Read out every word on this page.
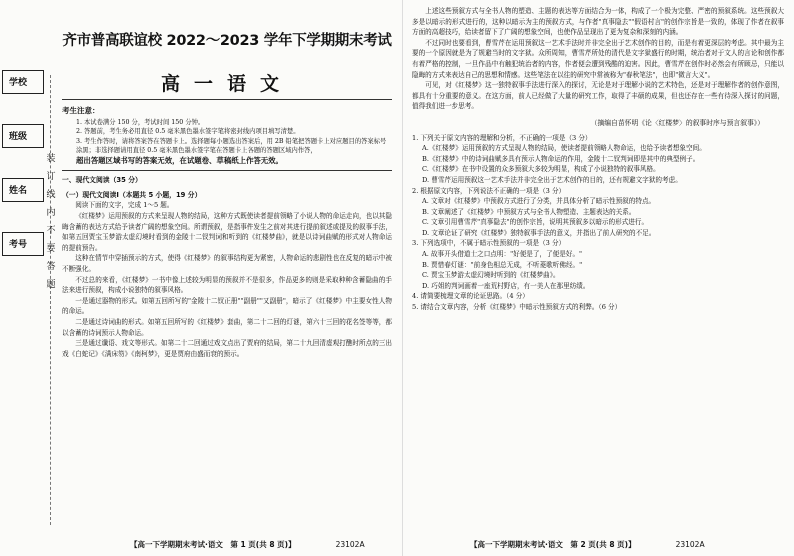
学校
班级
姓名
考号
装
订
线
内
不
要
答
题
齐市普高联谊校 2022～2023 学年下学期期末考试
高一语文
考生注意：
1. 本试卷满分 150 分，考试时间 150 分钟。
2. 答题前，考生务必用直径 0.5 毫米黑色墨水签字笔将密封线内项目填写清楚。
3. 考生作答时，请将答案答在答题卡上。选择题每小题选出答案后，用 2B 铅笔把答题卡上对应题目的答案标号涂黑；非选择题请用直径 0.5 毫米黑色墨水签字笔在答题卡上各题的答题区域内作答，
超出答题区域书写的答案无效，在试题卷、草稿纸上作答无效。
一、现代文阅读（35 分）
（一）现代文阅读Ⅰ（本题共 5 小题，19 分）

阅读下面的文字，完成 1～5 题。

《红楼梦》运用预叙的方式来呈现人物的结局，这种方式既使读者提前领略了小说人物的命运走向，也以其隐晦含蓄的表达方式给予读者广阔的想象空间。所谓预叙，是指事件发生之前对其进行提前叙述或提及的叙事手法，如第五回贾宝玉梦游太虚幻境时看到的金陵十二钗判词和听到的《红楼梦曲》，就是以诗词曲赋的形式对人物命运的提前预告。

这种在情节中穿插预示的方式，使得《红楼梦》的叙事结构更为紧密，人物命运的悲剧性也在反复的暗示中被不断强化。

不过总的来看，《红楼梦》一书中像上述较为明显的预叙并不是很多，作品更多的则是采取种种含蓄隐曲的手法来进行预叙，构成小说独特的叙事风格。

一是通过器物的形式。如第五回所写的"金陵十二钗正册""副册""又副册"，暗示了《红楼梦》中主要女性人物的命运。

二是通过诗词曲的形式。如第五回所写的《红楼梦》套曲，第二十二回的灯谜，第六十三回的花名签等等，都以含蓄的诗词预示人物命运。

三是通过谶语、戏文等形式。如第二十二回通过戏文点出了贾府的结局，第二十九回清虚观打醮时所点的三出戏《白蛇记》《满床笏》《南柯梦》，更是贾府由盛而衰的预示。

【高一下学期期末考试·语文　第 1 页(共 8 页)】	23102A

上述这些预叙方式与全书人物的塑造、主题的表达等方面结合为一体，构成了一个极为完整、严密的预叙系统。这些预叙大多是以暗示的形式进行的，这种以暗示为主的预叙方式，与作者"真事隐去""假语村言"的创作宗旨是一致的，体现了作者在叙事方面的高超技巧，给读者留下了广阔的想象空间，也使作品呈现出了更为复杂和深刻的内涵。

不过同时也要看到，曹雪芹在运用预叙这一艺术手法时并非完全出于艺术创作的目的，而是有着更深层的考虑。其中最为主要的一个原因就是为了规避当时的文字狱。众所周知，曹雪芹所处的清代是文字狱盛行的时期，统治者对于文人的言论和创作都有着严格的控制，一旦作品中有触犯统治者的内容，作者便会遭到残酷的迫害。因此，曹雪芹在创作时必然会有所顾忌，只能以隐晦的方式来表达自己的思想和情感。这些笔法在以往的研究中常被称为"春秋笔法"，也即"微言大义"。

可见，对《红楼梦》这一独特叙事手法进行深入的探讨，无论是对于理解小说的艺术特色，还是对于理解作者的创作意图，都具有十分重要的意义。在这方面，前人已经做了大量的研究工作，取得了丰硕的成果，但也还存在一些有待深入探讨的问题，值得我们进一步思考。

（摘编自苗怀明《论〈红楼梦〉的叙事时序与预言叙事》）

1. 下列关于原文内容的理解和分析，不正确的一项是（3 分）

A.《红楼梦》运用预叙的方式呈现人物的结局，使读者提前领略人物命运，也给予读者想象空间。

B.《红楼梦》中的诗词曲赋多具有预示人物命运的作用，金陵十二钗判词即是其中的典型例子。

C.《红楼梦》在书中设置的众多预叙大多较为明显，构成了小说独特的叙事风格。

D. 曹雪芹运用预叙这一艺术手法并非完全出于艺术创作的目的，还有规避文字狱的考虑。

2. 根据原文内容，下列说法不正确的一项是（3 分）

A. 文章对《红楼梦》中预叙方式进行了分类，并具体分析了暗示性预叙的特点。

B. 文章阐述了《红楼梦》中预叙方式与全书人物塑造、主题表达的关系。

C. 文章引用曹雪芹"真事隐去"的创作宗旨，说明其预叙多以暗示的形式进行。

D. 文章论证了研究《红楼梦》独特叙事手法的意义，并指出了前人研究的不足。

3. 下列选项中，不属于暗示性预叙的一项是（3 分）

A. 故事开头借道士之口点明："好便是了，了便是好。"

B. 贾惜春灯谜："前身色相总无成，不听菱歌听佛经。"

C. 贾宝玉梦游太虚幻境时听到的《红楼梦曲》。

D. 巧姐的判词画着一座荒村野店，有一美人在那里纺绩。

4. 请简要梳理文章的论证思路。（4 分）

5. 请结合文章内容，分析《红楼梦》中暗示性预叙方式的利弊。（6 分）

【高一下学期期末考试·语文　第 2 页(共 8 页)】	23102A
